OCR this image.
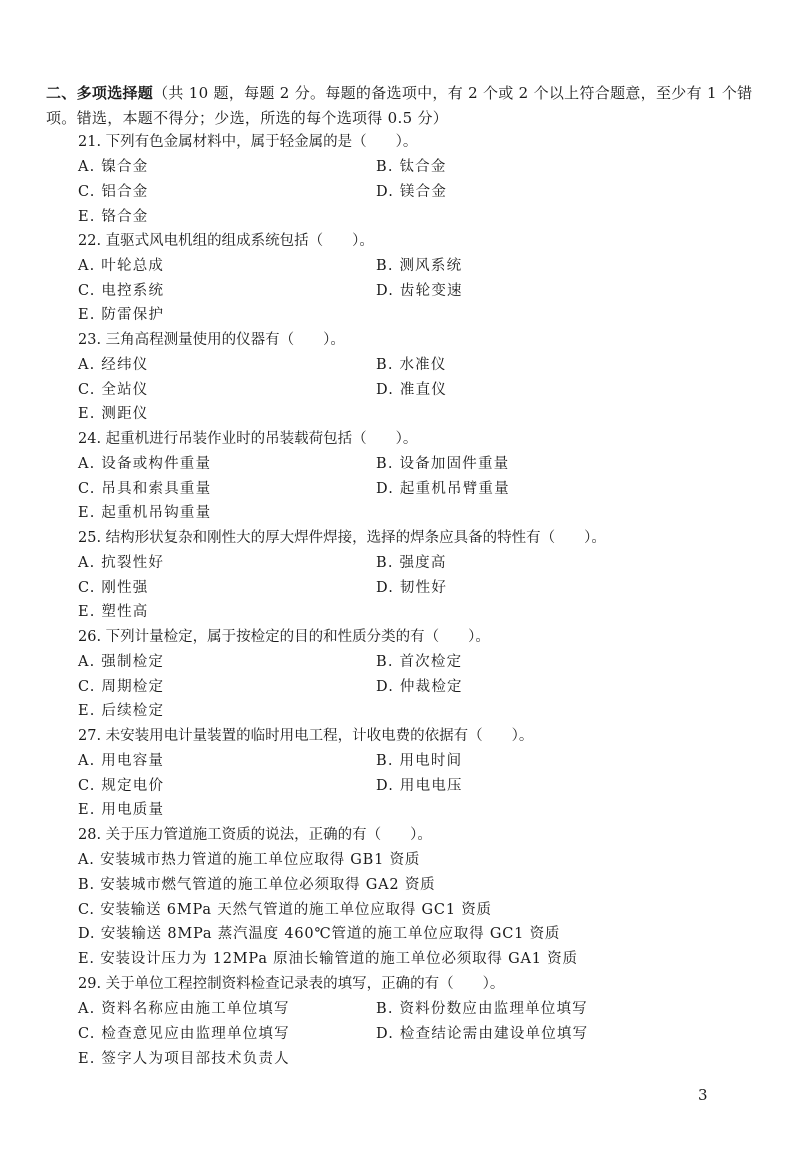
二、多项选择题（共 10 题，每题 2 分。每题的备选项中，有 2 个或 2 个以上符合题意，至少有 1 个错项。错选，本题不得分；少选，所选的每个选项得 0.5 分）
21. 下列有色金属材料中，属于轻金属的是（　　）。
A. 镍合金	B. 钛合金
C. 铝合金	D. 镁合金
E. 铬合金
22. 直驱式风电机组的组成系统包括（　　）。
A. 叶轮总成	B. 测风系统
C. 电控系统	D. 齿轮变速
E. 防雷保护
23. 三角高程测量使用的仪器有（　　）。
A. 经纬仪	B. 水准仪
C. 全站仪	D. 准直仪
E. 测距仪
24. 起重机进行吊装作业时的吊装载荷包括（　　）。
A. 设备或构件重量	B. 设备加固件重量
C. 吊具和索具重量	D. 起重机吊臂重量
E. 起重机吊钩重量
25. 结构形状复杂和刚性大的厚大焊件焊接，选择的焊条应具备的特性有（　　）。
A. 抗裂性好	B. 强度高
C. 刚性强	D. 韧性好
E. 塑性高
26. 下列计量检定，属于按检定的目的和性质分类的有（　　）。
A. 强制检定	B. 首次检定
C. 周期检定	D. 仲裁检定
E. 后续检定
27. 未安装用电计量装置的临时用电工程，计收电费的依据有（　　）。
A. 用电容量	B. 用电时间
C. 规定电价	D. 用电电压
E. 用电质量
28. 关于压力管道施工资质的说法，正确的有（　　）。
A. 安装城市热力管道的施工单位应取得 GB1 资质
B. 安装城市燃气管道的施工单位必须取得 GA2 资质
C. 安装输送 6MPa 天然气管道的施工单位应取得 GC1 资质
D. 安装输送 8MPa 蒸汽温度 460℃管道的施工单位应取得 GC1 资质
E. 安装设计压力为 12MPa 原油长输管道的施工单位必须取得 GA1 资质
29. 关于单位工程控制资料检查记录表的填写，正确的有（　　）。
A. 资料名称应由施工单位填写	B. 资料份数应由监理单位填写
C. 检查意见应由监理单位填写	D. 检查结论需由建设单位填写
E. 签字人为项目部技术负责人
3
